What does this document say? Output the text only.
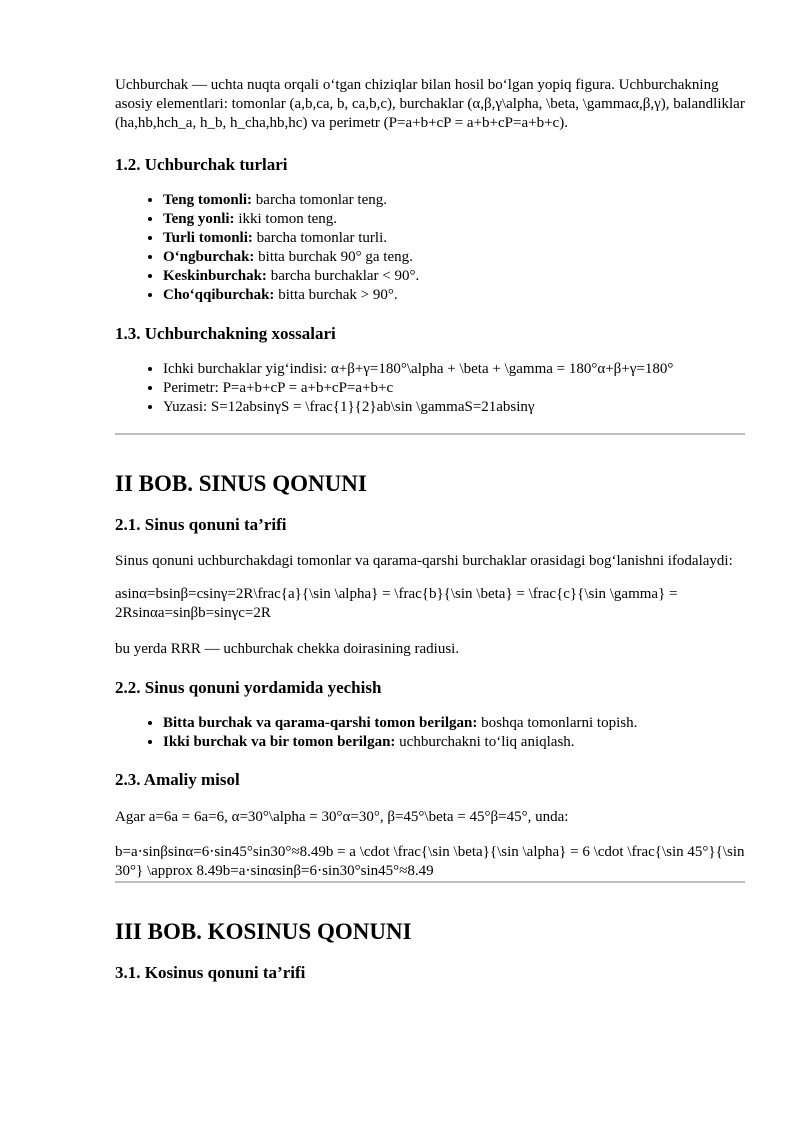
Uchburchak — uchta nuqta orqali o‘tgan chiziqlar bilan hosil bo‘lgan yopiq figura. Uchburchakning asosiy elementlari: tomonlar (a,b,ca, b, ca,b,c), burchaklar (α,β,γ\alpha, \beta, \gammaα,β,γ), balandliklar (ha,hb,hch_a, h_b, h_cha,hb,hc) va perimetr (P=a+b+cP = a+b+cP=a+b+c).

1.2. Uchburchak turlari
• Teng tomonli: barcha tomonlar teng.
• Teng yonli: ikki tomon teng.
• Turli tomonli: barcha tomonlar turli.
• O‘ngburchak: bitta burchak 90° ga teng.
• Keskinburchak: barcha burchaklar < 90°.
• Cho‘qqiburchak: bitta burchak > 90°.
1.3. Uchburchakning xossalari
• Ichki burchaklar yig‘indisi: α+β+γ=180°\alpha + \beta + \gamma = 180°α+β+γ=180°
• Perimetr: P=a+b+cP = a+b+cP=a+b+c
• Yuzasi: S=12absinγS = \frac{1}{2}ab\sin \gammaS=21absinγ
II BOB. SINUS QONUNI
2.1. Sinus qonuni ta’rifi

Sinus qonuni uchburchakdagi tomonlar va qarama-qarshi burchaklar orasidagi bog‘lanishni ifodalaydi:

asinα=bsinβ=csinγ=2R\frac{a}{\sin \alpha} = \frac{b}{\sin \beta} = \frac{c}{\sin \gamma} = 2Rsinαa=sinβb=sinγc=2R

bu yerda RRR — uchburchak chekka doirasining radiusi.

2.2. Sinus qonuni yordamida yechish
• Bitta burchak va qarama-qarshi tomon berilgan: boshqa tomonlarni topish.
• Ikki burchak va bir tomon berilgan: uchburchakni to‘liq aniqlash.
2.3. Amaliy misol

Agar a=6a = 6a=6, α=30°\alpha = 30°α=30°, β=45°\beta = 45°β=45°, unda:

b=a⋅sinβsinα=6⋅sin45°sin30°≈8.49b = a \cdot \frac{\sin \beta}{\sin \alpha} = 6 \cdot \frac{\sin 45°}{\sin 30°} \approx 8.49b=a⋅sinαsinβ=6⋅sin30°sin45°≈8.49

III BOB. KOSINUS QONUNI
3.1. Kosinus qonuni ta’rifi
